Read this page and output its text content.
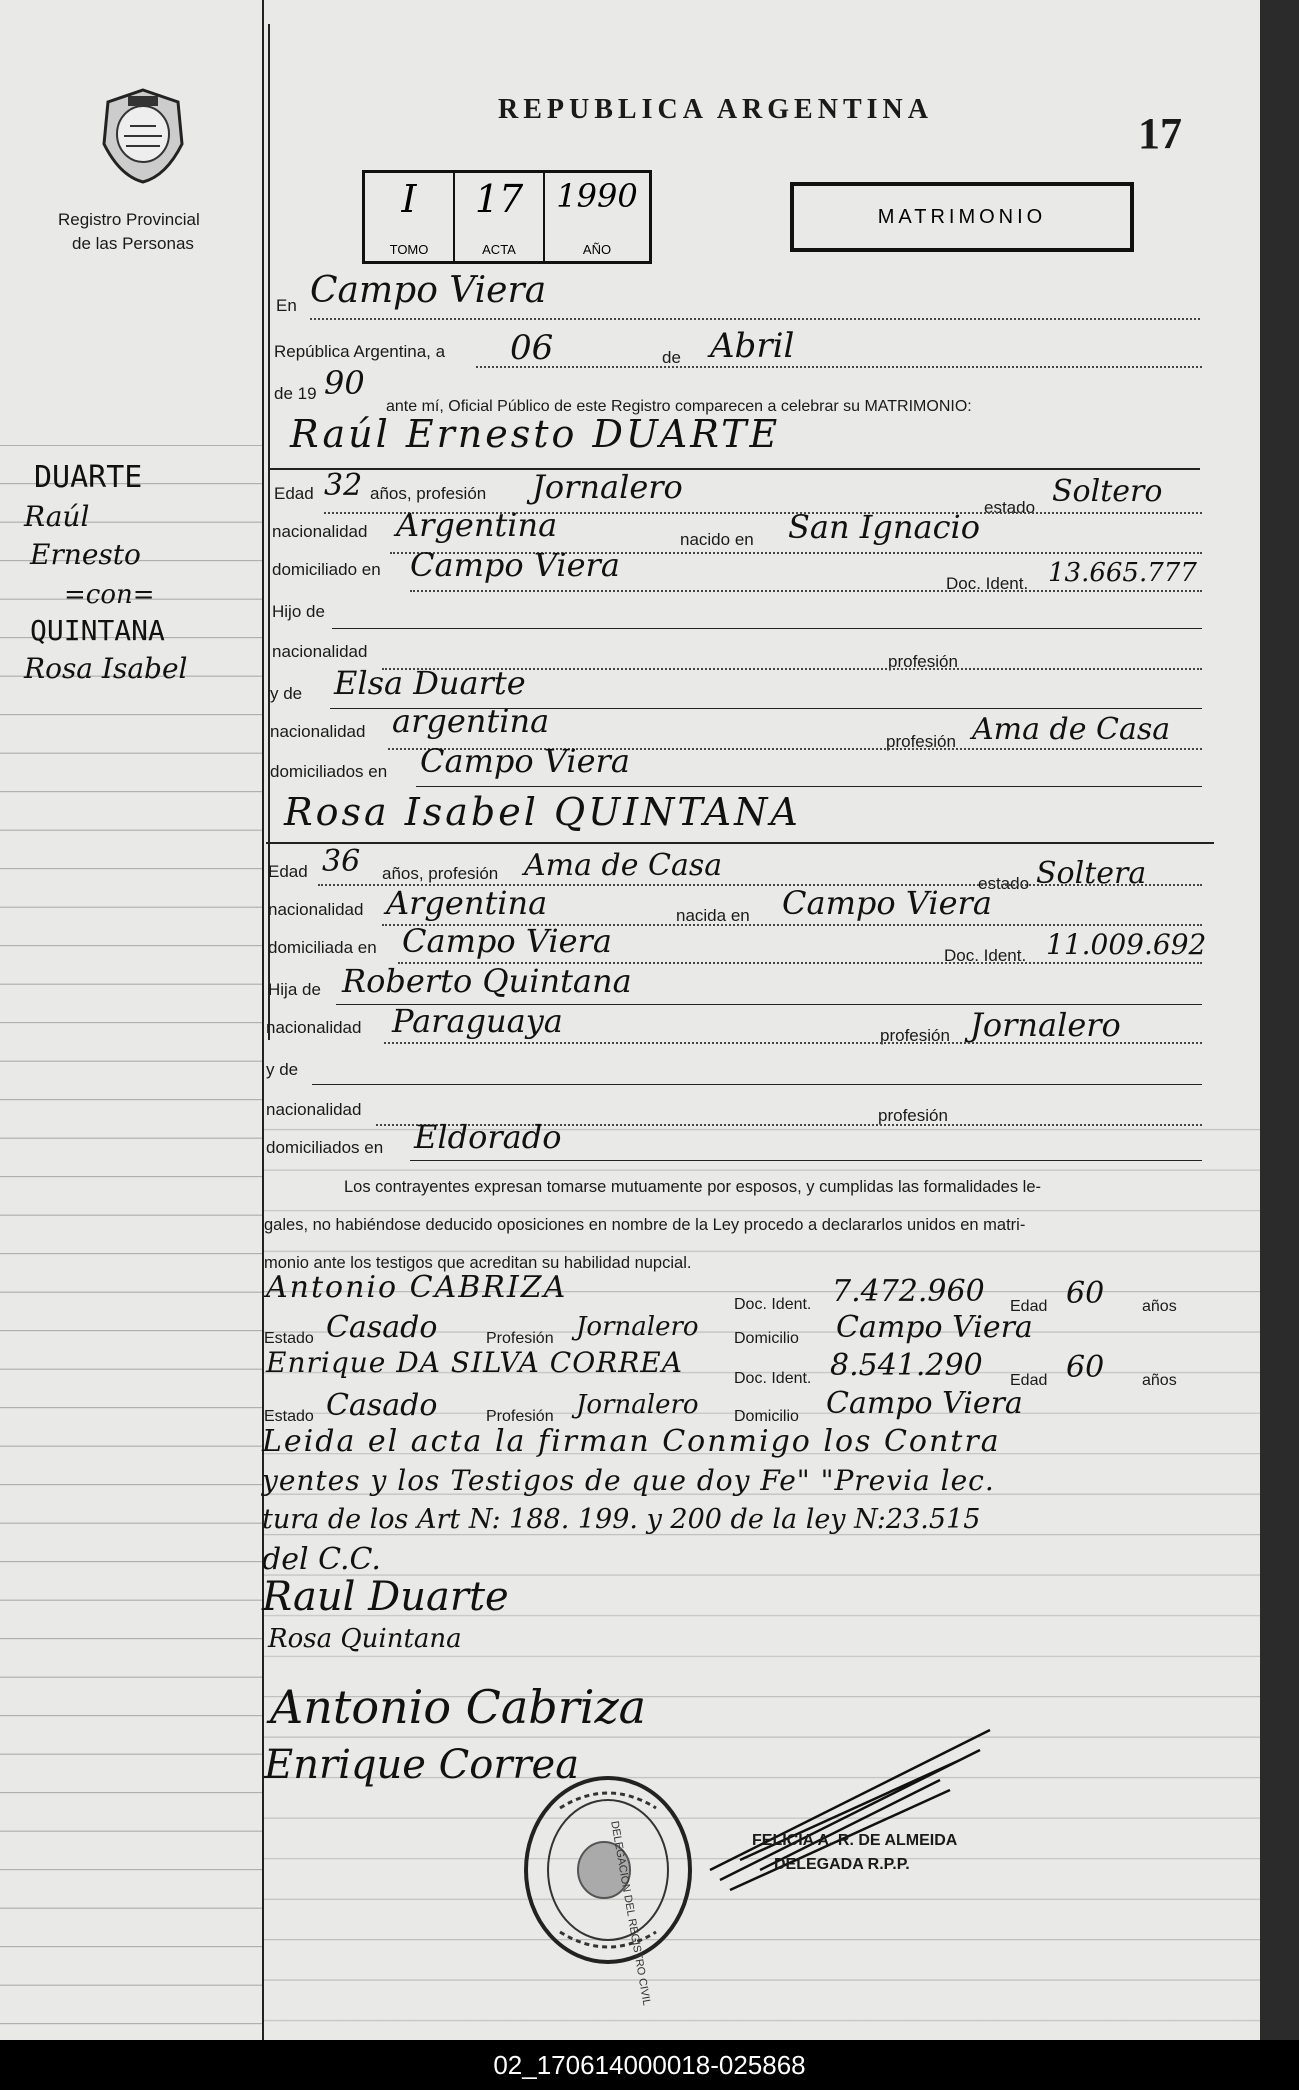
Registro Provincial
de las Personas
REPUBLICA ARGENTINA	17
I
TOMO
17
ACTA
1990
AÑO
MATRIMONIO
DUARTE
Raúl
Ernesto
=con=
QUINTANA
Rosa Isabel
En Campo Viera
República Argentina, a 06	de Abril
de 19 90
ante mí, Oficial Público de este Registro comparecen a celebrar su MATRIMONIO:
Raúl Ernesto DUARTE
Edad 32 años, profesión Jornalero
estado Soltero
nacionalidad Argentina	nacido en San Ignacio
domiciliado en Campo Viera	Doc. Ident. 13.665.777
Hijo de
nacionalidad
profesión
y de Elsa Duarte
nacionalidad argentina
profesión Ama de Casa
domiciliados en Campo Viera
Rosa Isabel QUINTANA
Edad 36 años, profesión Ama de Casa
estado Soltera
nacionalidad Argentina	nacida en Campo Viera
domiciliada en Campo Viera	Doc. Ident. 11.009.692
Hija de Roberto Quintana
nacionalidad Paraguaya	profesión Jornalero
y de
nacionalidad	profesión
domiciliados en Eldorado
Los contrayentes expresan tomarse mutuamente por esposos, y cumplidas las formalidades le-
gales, no habiéndose deducido oposiciones en nombre de la Ley procedo a declararlos unidos en matri-
monio ante los testigos que acreditan su habilidad nupcial.
Antonio CABRIZA	Doc. Ident. 7.472.960 Edad 60 años
Estado Casado	Profesión Jornalero Domicilio Campo Viera
Enrique DA SILVA CORREA	Doc. Ident. 8.541.290 Edad 60 años
Estado Casado	Profesión Jornalero Domicilio Campo Viera
Leida el acta la firman Conmigo los Contra
yentes y los Testigos de que doy Fe" "Previa lec.
tura de los Art N: 188. 199. y 200 de la ley N:23.515
del C.C.
Raul Duarte
Rosa Quintana
Antonio Cabriza
Enrique Correa
DELEGACION DEL REGISTRO CIVIL	FELICIA A. R. DE ALMEIDA
DELEGADA R.P.P.
02_170614000018-025868
